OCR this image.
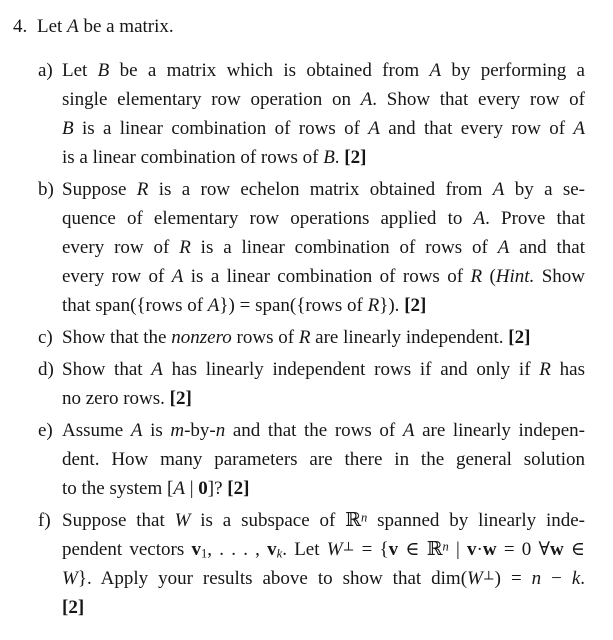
4. Let A be a matrix.
a) Let B be a matrix which is obtained from A by performing a
single elementary row operation on A. Show that every row of
B is a linear combination of rows of A and that every row of A
is a linear combination of rows of B. [2]
b) Suppose R is a row echelon matrix obtained from A by a se-
quence of elementary row operations applied to A. Prove that
every row of R is a linear combination of rows of A and that
every row of A is a linear combination of rows of R (Hint. Show
that span({rows of A}) = span({rows of R}). [2]
c) Show that the nonzero rows of R are linearly independent. [2]
d) Show that A has linearly independent rows if and only if R has
no zero rows. [2]
e) Assume A is m-by-n and that the rows of A are linearly indepen-
dent. How many parameters are there in the general solution
to the system [A | 0]? [2]
f) Suppose that W is a subspace of ℝ$^n$ spanned by linearly inde-
pendent vectors $v_1$, . . . , $v_k$. Let W⊥ = {v ∈ ℝ$^n$ | v·w = 0 ∀w ∈
W}. Apply your results above to show that dim(W⊥) = n − k.
[2]
